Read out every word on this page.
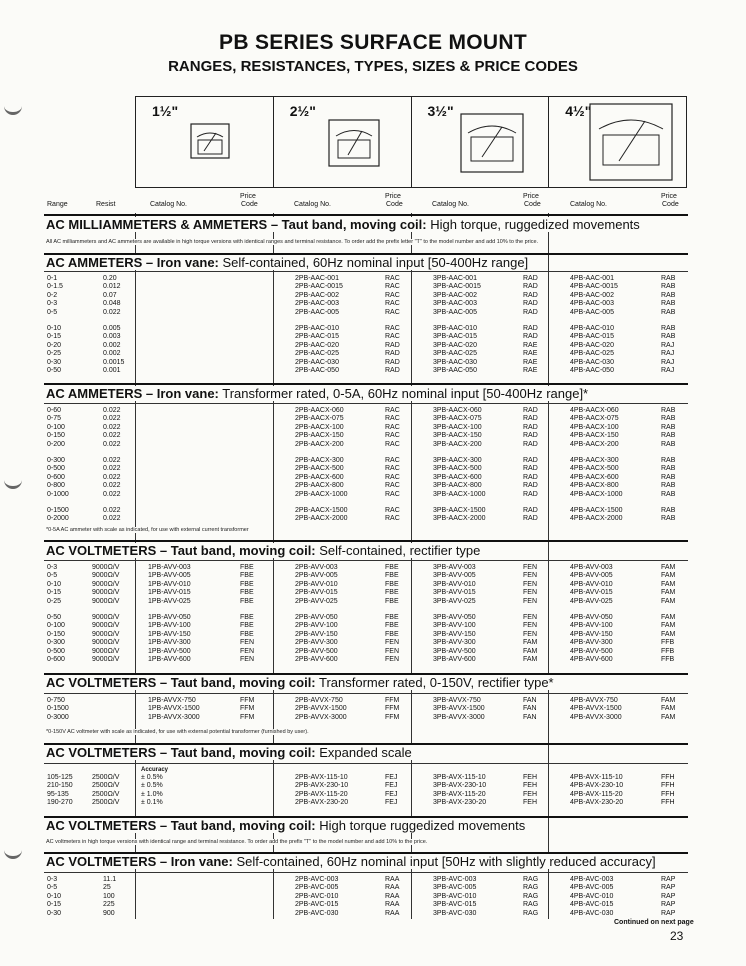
PB SERIES SURFACE MOUNT
RANGES, RESISTANCES, TYPES, SIZES & PRICE CODES
1½"	2½"	3½"	4½"
Range	Resist	Catalog No.
Price
Code	Catalog No.
Price
Code	Catalog No.
Price
Code	Catalog No.
Price
Code
AC MILLIAMMETERS & AMMETERS – Taut band, moving coil: High torque, ruggedized movements
All AC milliammeters and AC ammeters are available in high torque versions with identical ranges and terminal resistance. To order add the prefix letter "T" to the model number and add 10% to the price.
AC AMMETERS – Iron vane: Self-contained, 60Hz nominal input [50-400Hz range]
0-1	0.20	2PB-AAC-001	RAC	3PB-AAC-001	RAD	4PB-AAC-001	RAB
0-1.5	0.012	2PB-AAC-0015	RAC	3PB-AAC-0015	RAD	4PB-AAC-0015	RAB
0-2	0.07	2PB-AAC-002	RAC	3PB-AAC-002	RAD	4PB-AAC-002	RAB
0-3	0.048	2PB-AAC-003	RAC	3PB-AAC-003	RAD	4PB-AAC-003	RAB
0-5	0.022	2PB-AAC-005	RAC	3PB-AAC-005	RAD	4PB-AAC-005	RAB
0-10	0.005	2PB-AAC-010	RAC	3PB-AAC-010	RAD	4PB-AAC-010	RAB
0-15	0.003	2PB-AAC-015	RAC	3PB-AAC-015	RAD	4PB-AAC-015	RAB
0-20	0.002	2PB-AAC-020	RAD	3PB-AAC-020	RAE	4PB-AAC-020	RAJ
0-25	0.002	2PB-AAC-025	RAD	3PB-AAC-025	RAE	4PB-AAC-025	RAJ
0-30	0.0015	2PB-AAC-030	RAD	3PB-AAC-030	RAE	4PB-AAC-030	RAJ
0-50	0.001	2PB-AAC-050	RAD	3PB-AAC-050	RAE	4PB-AAC-050	RAJ
AC AMMETERS – Iron vane: Transformer rated, 0-5A, 60Hz nominal input [50-400Hz range]*
0-60	0.022	2PB-AACX-060	RAC	3PB-AACX-060	RAD	4PB-AACX-060	RAB
0-75	0.022	2PB-AACX-075	RAC	3PB-AACX-075	RAD	4PB-AACX-075	RAB
0-100	0.022	2PB-AACX-100	RAC	3PB-AACX-100	RAD	4PB-AACX-100	RAB
0-150	0.022	2PB-AACX-150	RAC	3PB-AACX-150	RAD	4PB-AACX-150	RAB
0-200	0.022	2PB-AACX-200	RAC	3PB-AACX-200	RAD	4PB-AACX-200	RAB
0-300	0.022	2PB-AACX-300	RAC	3PB-AACX-300	RAD	4PB-AACX-300	RAB
0-500	0.022	2PB-AACX-500	RAC	3PB-AACX-500	RAD	4PB-AACX-500	RAB
0-600	0.022	2PB-AACX-600	RAC	3PB-AACX-600	RAD	4PB-AACX-600	RAB
0-800	0.022	2PB-AACX-800	RAC	3PB-AACX-800	RAD	4PB-AACX-800	RAB
0-1000	0.022	2PB-AACX-1000	RAC	3PB-AACX-1000	RAD	4PB-AACX-1000	RAB
0-1500	0.022	2PB-AACX-1500	RAC	3PB-AACX-1500	RAD	4PB-AACX-1500	RAB
0-2000	0.022	2PB-AACX-2000	RAC	3PB-AACX-2000	RAD	4PB-AACX-2000	RAB
*0-5A AC ammeter with scale as indicated, for use with external current transformer
AC VOLTMETERS – Taut band, moving coil: Self-contained, rectifier type
0-3	9000Ω/V	1PB-AVV-003	FBE	2PB-AVV-003	FBE	3PB-AVV-003	FEN	4PB-AVV-003	FAM
0-5	9000Ω/V	1PB-AVV-005	FBE	2PB-AVV-005	FBE	3PB-AVV-005	FEN	4PB-AVV-005	FAM
0-10	9000Ω/V	1PB-AVV-010	FBE	2PB-AVV-010	FBE	3PB-AVV-010	FEN	4PB-AVV-010	FAM
0-15	9000Ω/V	1PB-AVV-015	FBE	2PB-AVV-015	FBE	3PB-AVV-015	FEN	4PB-AVV-015	FAM
0-25	9000Ω/V	1PB-AVV-025	FBE	2PB-AVV-025	FBE	3PB-AVV-025	FEN	4PB-AVV-025	FAM
0-50	9000Ω/V	1PB-AVV-050	FBE	2PB-AVV-050	FBE	3PB-AVV-050	FEN	4PB-AVV-050	FAM
0-100	9000Ω/V	1PB-AVV-100	FBE	2PB-AVV-100	FBE	3PB-AVV-100	FEN	4PB-AVV-100	FAM
0-150	9000Ω/V	1PB-AVV-150	FBE	2PB-AVV-150	FBE	3PB-AVV-150	FEN	4PB-AVV-150	FAM
0-300	9000Ω/V	1PB-AVV-300	FEN	2PB-AVV-300	FEN	3PB-AVV-300	FAM	4PB-AVV-300	FFB
0-500	9000Ω/V	1PB-AVV-500	FEN	2PB-AVV-500	FEN	3PB-AVV-500	FAM	4PB-AVV-500	FFB
0-600	9000Ω/V	1PB-AVV-600	FEN	2PB-AVV-600	FEN	3PB-AVV-600	FAM	4PB-AVV-600	FFB
AC VOLTMETERS – Taut band, moving coil: Transformer rated, 0-150V, rectifier type*
0-750	1PB-AVVX-750	FFM	2PB-AVVX-750	FFM	3PB-AVVX-750	FAN	4PB-AVVX-750	FAM
0-1500	1PB-AVVX-1500	FFM	2PB-AVVX-1500	FFM	3PB-AVVX-1500	FAN	4PB-AVVX-1500	FAM
0-3000	1PB-AVVX-3000	FFM	2PB-AVVX-3000	FFM	3PB-AVVX-3000	FAN	4PB-AVVX-3000	FAM
*0-150V AC voltmeter with scale as indicated, for use with external potential transformer (furnished by user).
AC VOLTMETERS – Taut band, moving coil: Expanded scale
Accuracy
105-125	2500Ω/V	± 0.5%	2PB-AVX-115-10	FEJ	3PB-AVX-115-10	FEH	4PB-AVX-115-10	FFH
210-150	2500Ω/V	± 0.5%	2PB-AVX-230-10	FEJ	3PB-AVX-230-10	FEH	4PB-AVX-230-10	FFH
95-135	2500Ω/V	± 1.0%	2PB-AVX-115-20	FEJ	3PB-AVX-115-20	FEH	4PB-AVX-115-20	FFH
190-270	2500Ω/V	± 0.1%	2PB-AVX-230-20	FEJ	3PB-AVX-230-20	FEH	4PB-AVX-230-20	FFH
AC VOLTMETERS – Taut band, moving coil: High torque ruggedized movements
AC voltmeters in high torque versions with identical range and terminal resistance. To order add the prefix "T" to the model number and add 10% to the price.
AC VOLTMETERS – Iron vane: Self-contained, 60Hz nominal input [50Hz with slightly reduced accuracy]
0-3	11.1	2PB-AVC-003	RAA	3PB-AVC-003	RAG	4PB-AVC-003	RAP
0-5	25	2PB-AVC-005	RAA	3PB-AVC-005	RAG	4PB-AVC-005	RAP
0-10	100	2PB-AVC-010	RAA	3PB-AVC-010	RAG	4PB-AVC-010	RAP
0-15	225	2PB-AVC-015	RAA	3PB-AVC-015	RAG	4PB-AVC-015	RAP
0-30	900	2PB-AVC-030	RAA	3PB-AVC-030	RAG	4PB-AVC-030	RAP
Continued on next page
23
